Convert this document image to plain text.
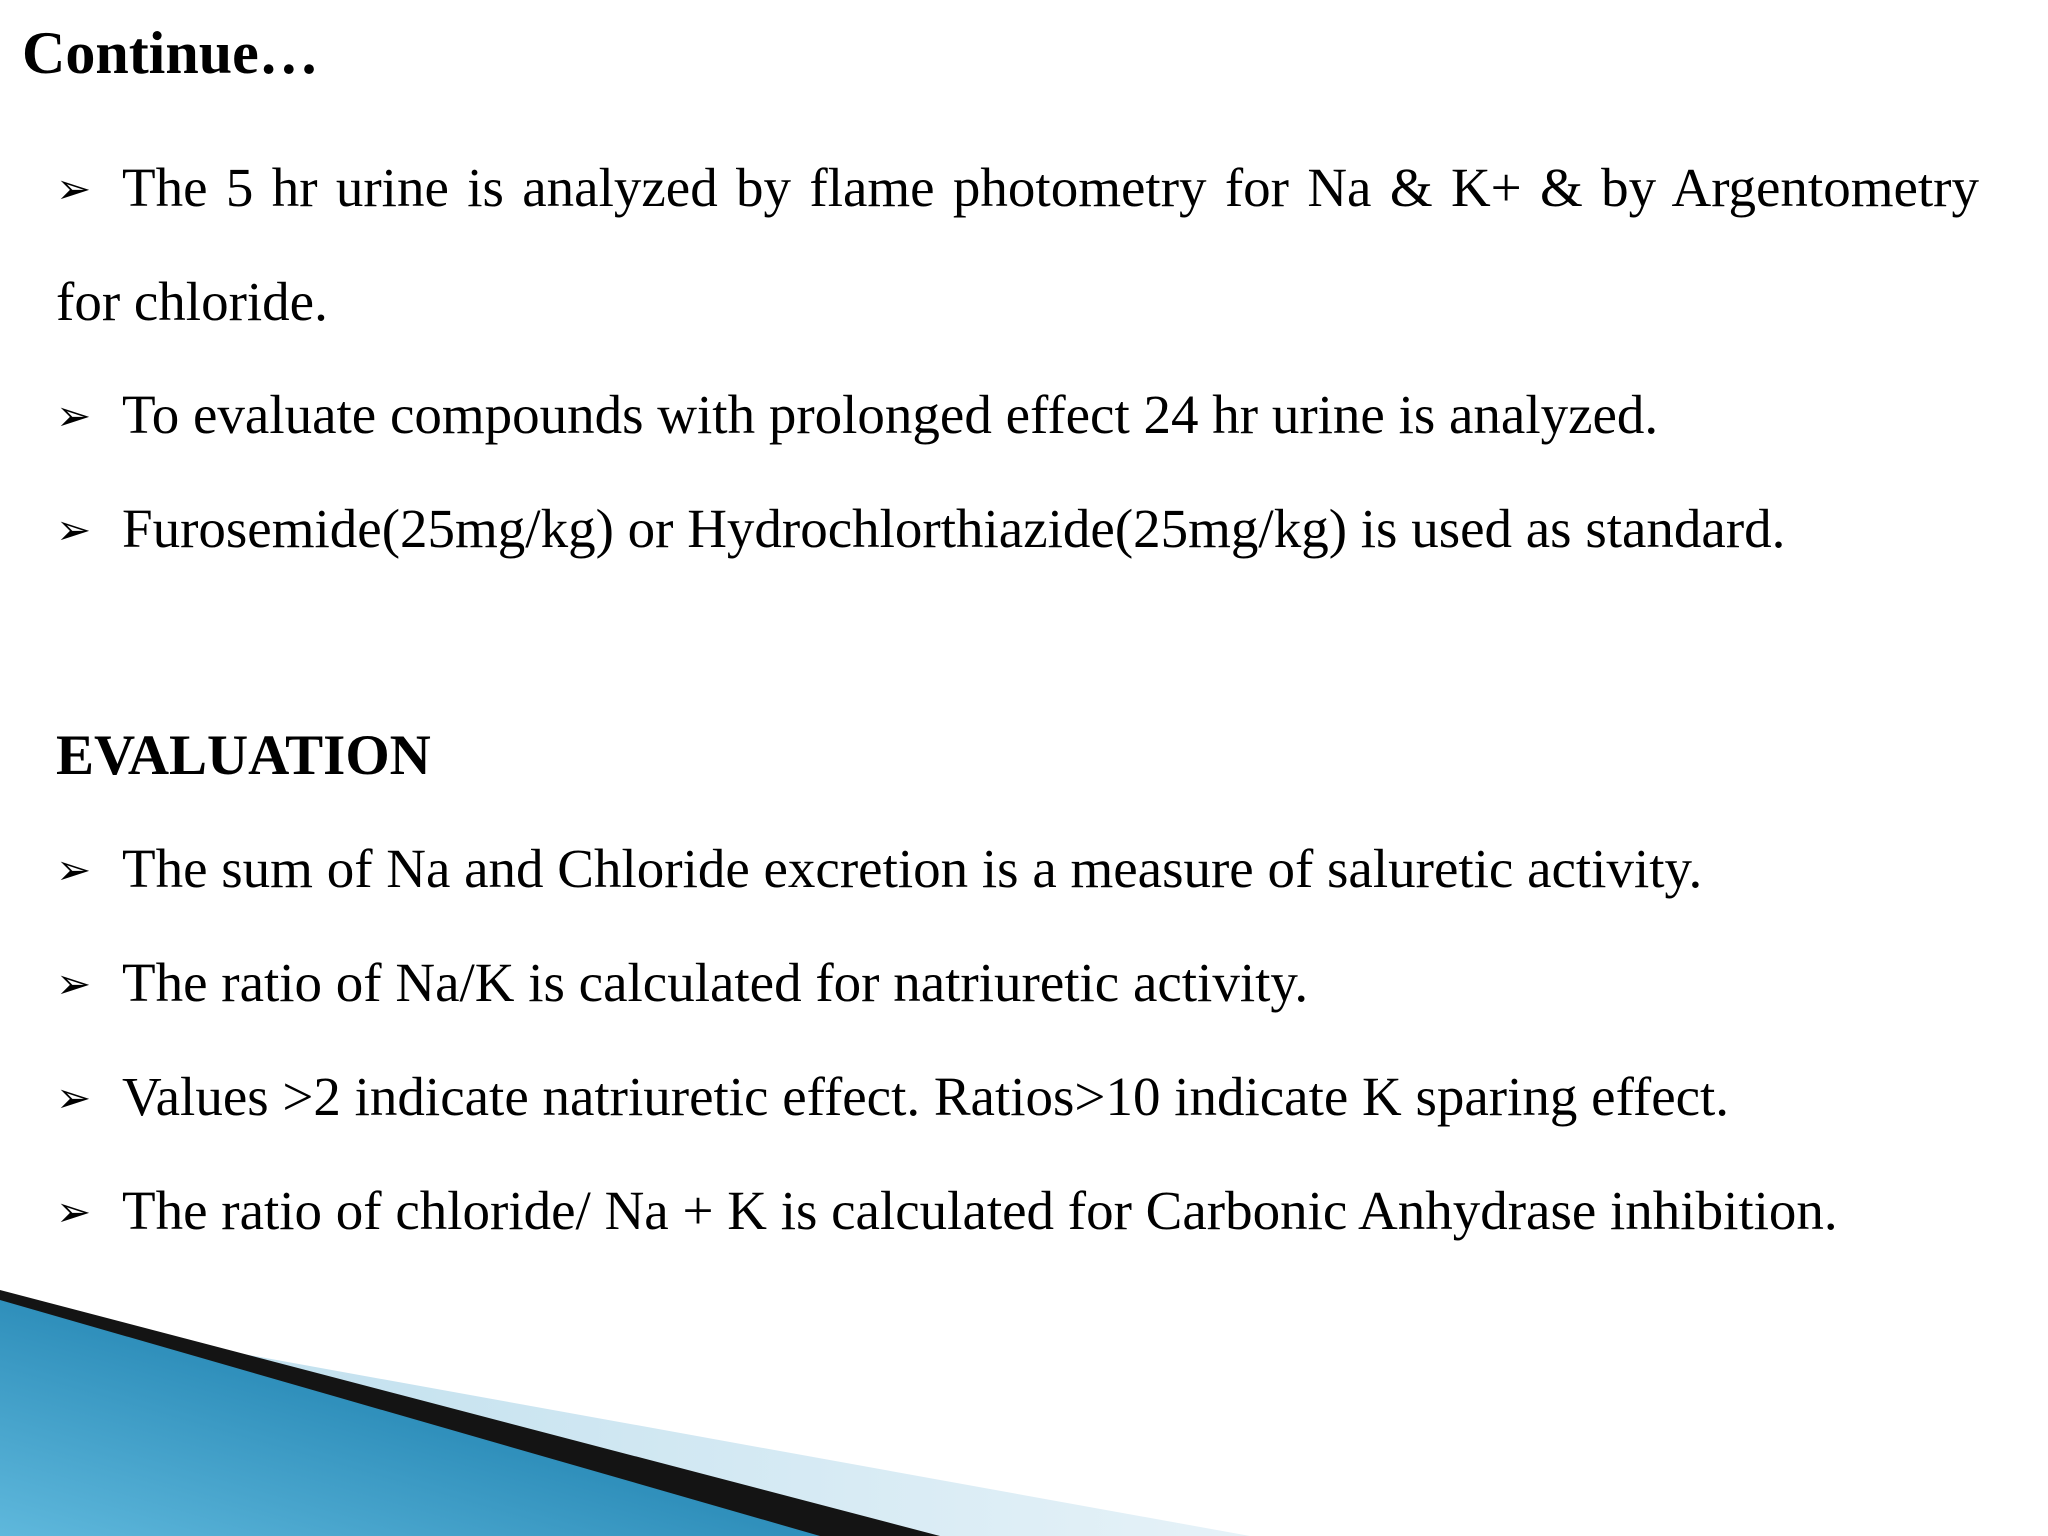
Continue…

➢ The 5 hr urine is analyzed by flame photometry for Na & K+ & by Argentometry for chloride.

➢ To evaluate compounds with prolonged effect 24 hr urine is analyzed.

➢ Furosemide(25mg/kg) or Hydrochlorthiazide(25mg/kg) is used as standard.

EVALUATION

➢ The sum of Na and Chloride excretion is a measure of saluretic activity.

➢ The ratio of Na/K is calculated for natriuretic activity.

➢ Values >2 indicate natriuretic effect. Ratios>10 indicate K sparing effect.

➢ The ratio of chloride/ Na + K is calculated for Carbonic Anhydrase inhibition.
